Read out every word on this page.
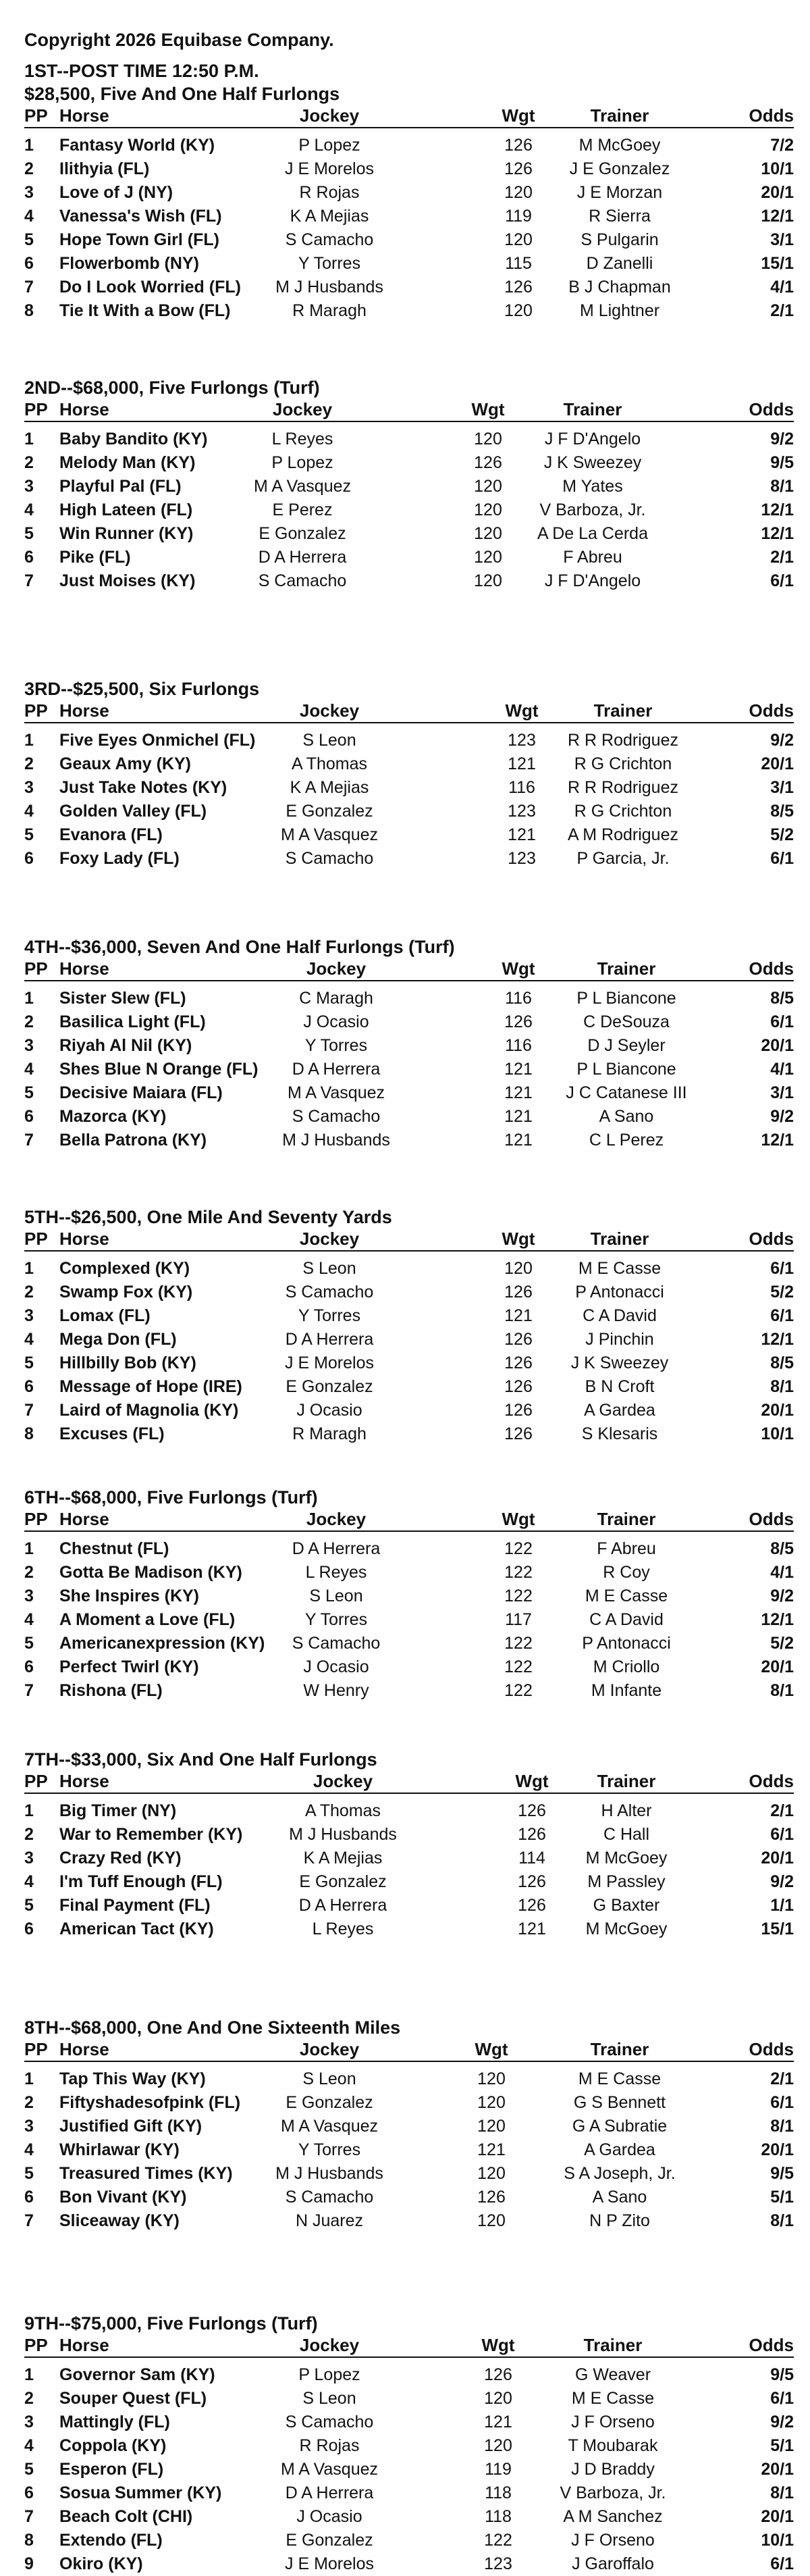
Copyright 2026 Equibase Company.
1ST--POST TIME 12:50 P.M.
$28,500, Five And One Half Furlongs
PP Horse	Jockey	Wgt	Trainer	Odds
1 Fantasy World (KY)	P Lopez	126	M McGoey	7/2
2 Ilithyia (FL)	J E Morelos	126	J E Gonzalez	10/1
3 Love of J (NY)	R Rojas	120	J E Morzan	20/1
4 Vanessa's Wish (FL)	K A Mejias	119	R Sierra	12/1
5 Hope Town Girl (FL)	S Camacho	120	S Pulgarin	3/1
6 Flowerbomb (NY)	Y Torres	115	D Zanelli	15/1
7 Do I Look Worried (FL)	M J Husbands	126	B J Chapman	4/1
8 Tie It With a Bow (FL)	R Maragh	120	M Lightner	2/1
2ND--$68,000, Five Furlongs (Turf)
PP Horse	Jockey	Wgt	Trainer	Odds
1 Baby Bandito (KY)	L Reyes	120	J F D'Angelo	9/2
2 Melody Man (KY)	P Lopez	126	J K Sweezey	9/5
3 Playful Pal (FL)	M A Vasquez	120	M Yates	8/1
4 High Lateen (FL)	E Perez	120	V Barboza, Jr.	12/1
5 Win Runner (KY)	E Gonzalez	120	A De La Cerda	12/1
6 Pike (FL)	D A Herrera	120	F Abreu	2/1
7 Just Moises (KY)	S Camacho	120	J F D'Angelo	6/1
3RD--$25,500, Six Furlongs
PP Horse	Jockey	Wgt	Trainer	Odds
1 Five Eyes Onmichel (FL)	S Leon	123	R R Rodriguez	9/2
2 Geaux Amy (KY)	A Thomas	121	R G Crichton	20/1
3 Just Take Notes (KY)	K A Mejias	116	R R Rodriguez	3/1
4 Golden Valley (FL)	E Gonzalez	123	R G Crichton	8/5
5 Evanora (FL)	M A Vasquez	121	A M Rodriguez	5/2
6 Foxy Lady (FL)	S Camacho	123	P Garcia, Jr.	6/1
4TH--$36,000, Seven And One Half Furlongs (Turf)
PP Horse	Jockey	Wgt	Trainer	Odds
1 Sister Slew (FL)	C Maragh	116	P L Biancone	8/5
2 Basilica Light (FL)	J Ocasio	126	C DeSouza	6/1
3 Riyah Al Nil (KY)	Y Torres	116	D J Seyler	20/1
4 Shes Blue N Orange (FL)	D A Herrera	121	P L Biancone	4/1
5 Decisive Maiara (FL)	M A Vasquez	121	J C Catanese III	3/1
6 Mazorca (KY)	S Camacho	121	A Sano	9/2
7 Bella Patrona (KY)	M J Husbands	121	C L Perez	12/1
5TH--$26,500, One Mile And Seventy Yards
PP Horse	Jockey	Wgt	Trainer	Odds
1 Complexed (KY)	S Leon	120	M E Casse	6/1
2 Swamp Fox (KY)	S Camacho	126	P Antonacci	5/2
3 Lomax (FL)	Y Torres	121	C A David	6/1
4 Mega Don (FL)	D A Herrera	126	J Pinchin	12/1
5 Hillbilly Bob (KY)	J E Morelos	126	J K Sweezey	8/5
6 Message of Hope (IRE)	E Gonzalez	126	B N Croft	8/1
7 Laird of Magnolia (KY)	J Ocasio	126	A Gardea	20/1
8 Excuses (FL)	R Maragh	126	S Klesaris	10/1
6TH--$68,000, Five Furlongs (Turf)
PP Horse	Jockey	Wgt	Trainer	Odds
1 Chestnut (FL)	D A Herrera	122	F Abreu	8/5
2 Gotta Be Madison (KY)	L Reyes	122	R Coy	4/1
3 She Inspires (KY)	S Leon	122	M E Casse	9/2
4 A Moment a Love (FL)	Y Torres	117	C A David	12/1
5 Americanexpression (KY)	S Camacho	122	P Antonacci	5/2
6 Perfect Twirl (KY)	J Ocasio	122	M Criollo	20/1
7 Rishona (FL)	W Henry	122	M Infante	8/1
7TH--$33,000, Six And One Half Furlongs
PP Horse	Jockey	Wgt	Trainer	Odds
1 Big Timer (NY)	A Thomas	126	H Alter	2/1
2 War to Remember (KY)	M J Husbands	126	C Hall	6/1
3 Crazy Red (KY)	K A Mejias	114	M McGoey	20/1
4 I'm Tuff Enough (FL)	E Gonzalez	126	M Passley	9/2
5 Final Payment (FL)	D A Herrera	126	G Baxter	1/1
6 American Tact (KY)	L Reyes	121	M McGoey	15/1
8TH--$68,000, One And One Sixteenth Miles
PP Horse	Jockey	Wgt	Trainer	Odds
1 Tap This Way (KY)	S Leon	120	M E Casse	2/1
2 Fiftyshadesofpink (FL)	E Gonzalez	120	G S Bennett	6/1
3 Justified Gift (KY)	M A Vasquez	120	G A Subratie	8/1
4 Whirlawar (KY)	Y Torres	121	A Gardea	20/1
5 Treasured Times (KY)	M J Husbands	120	S A Joseph, Jr.	9/5
6 Bon Vivant (KY)	S Camacho	126	A Sano	5/1
7 Sliceaway (KY)	N Juarez	120	N P Zito	8/1
9TH--$75,000, Five Furlongs (Turf)
PP Horse	Jockey	Wgt	Trainer	Odds
1 Governor Sam (KY)	P Lopez	126	G Weaver	9/5
2 Souper Quest (FL)	S Leon	120	M E Casse	6/1
3 Mattingly (FL)	S Camacho	121	J F Orseno	9/2
4 Coppola (KY)	R Rojas	120	T Moubarak	5/1
5 Esperon (FL)	M A Vasquez	119	J D Braddy	20/1
6 Sosua Summer (KY)	D A Herrera	118	V Barboza, Jr.	8/1
7 Beach Colt (CHI)	J Ocasio	118	A M Sanchez	20/1
8 Extendo (FL)	E Gonzalez	122	J F Orseno	10/1
9 Okiro (KY)	J E Morelos	123	J Garoffalo	6/1
